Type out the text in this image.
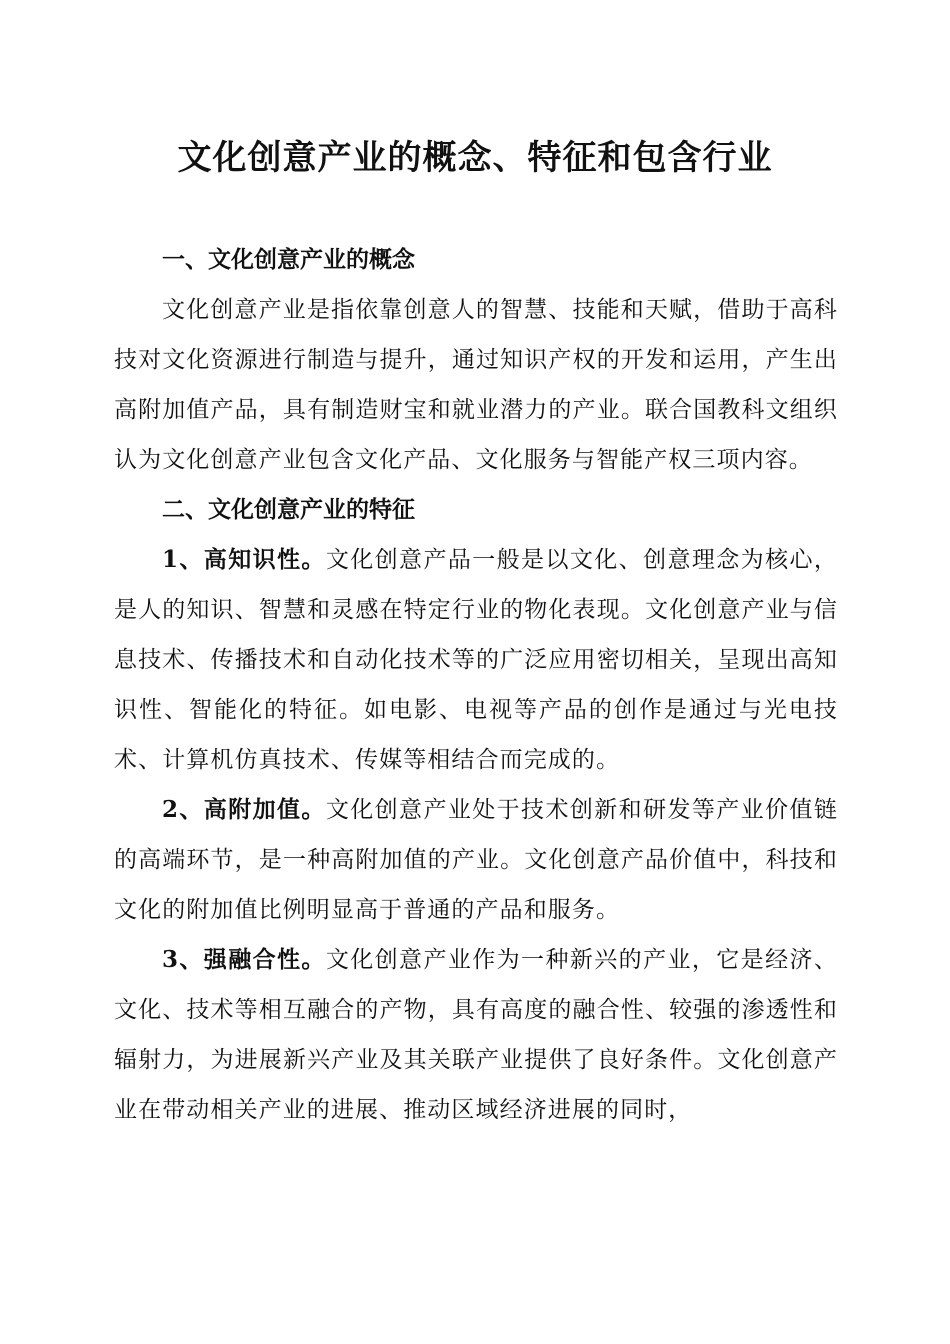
文化创意产业的概念、特征和包含行业
一、文化创意产业的概念

文化创意产业是指依靠创意人的智慧、技能和天赋，借助于高科技对文化资源进行制造与提升，通过知识产权的开发和运用，产生出高附加值产品，具有制造财宝和就业潜力的产业。联合国教科文组织认为文化创意产业包含文化产品、文化服务与智能产权三项内容。

二、文化创意产业的特征

1、高知识性。文化创意产品一般是以文化、创意理念为核心，是人的知识、智慧和灵感在特定行业的物化表现。文化创意产业与信息技术、传播技术和自动化技术等的广泛应用密切相关，呈现出高知识性、智能化的特征。如电影、电视等产品的创作是通过与光电技术、计算机仿真技术、传媒等相结合而完成的。

2、高附加值。文化创意产业处于技术创新和研发等产业价值链的高端环节，是一种高附加值的产业。文化创意产品价值中，科技和文化的附加值比例明显高于普通的产品和服务。

3、强融合性。文化创意产业作为一种新兴的产业，它是经济、文化、技术等相互融合的产物，具有高度的融合性、较强的渗透性和辐射力，为进展新兴产业及其关联产业提供了良好条件。文化创意产业在带动相关产业的进展、推动区域经济进展的同时，
